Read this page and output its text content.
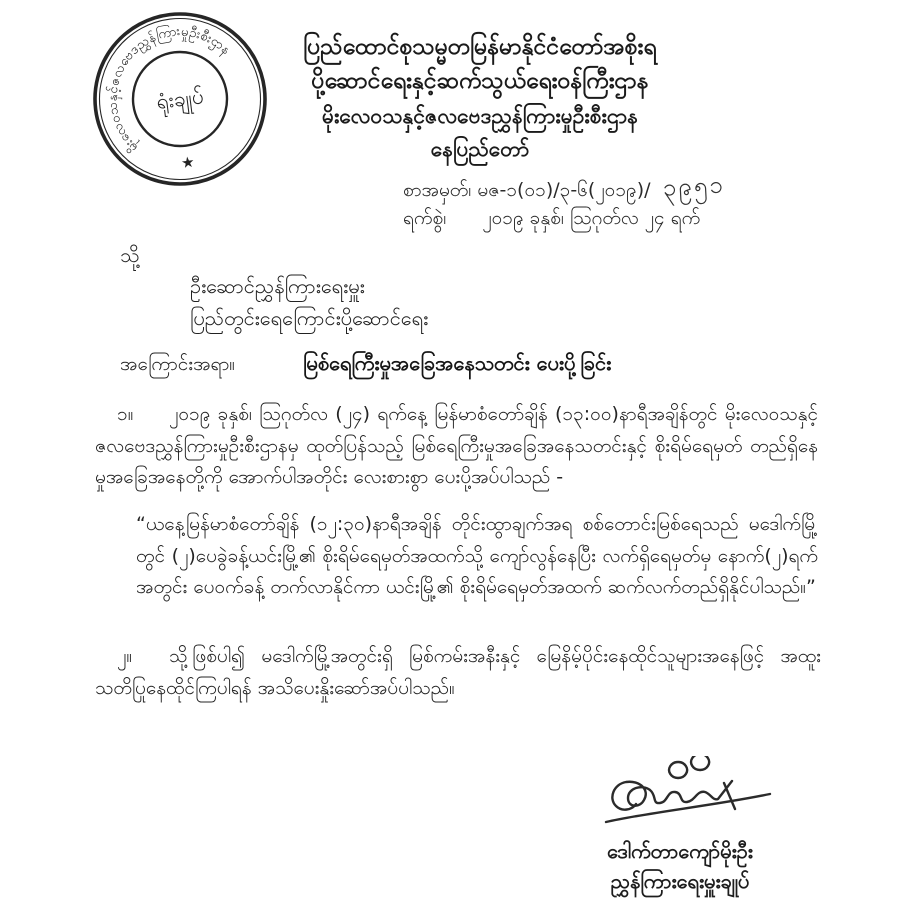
မိုးလေဝသနှင့်ဇလဗေဒညွှန်ကြားမှုဦးစီးဌာန
ရုံးချုပ်
★
ပြည်ထောင်စုသမ္မတမြန်မာနိုင်ငံတော်အစိုးရ
ပို့ဆောင်ရေးနှင့်ဆက်သွယ်ရေးဝန်ကြီးဌာန
မိုးလေဝသနှင့်ဇလဗေဒညွှန်ကြားမှုဦးစီးဌာန
နေပြည်တော်
စာအမှတ်၊ မဇ-၁(၀၁)/၃-၆(၂၀၁၉)/ ၃၉၅၁
ရက်စွဲ၊ ၂၀၁၉ ခုနှစ်၊ ဩဂုတ်လ ၂၄ ရက်
သို့
ဦးဆောင်ညွှန်ကြားရေးမှူး
ပြည်တွင်းရေကြောင်းပို့ဆောင်ရေး
အကြောင်းအရာ။	မြစ်ရေကြီးမှုအခြေအနေသတင်း ပေးပို့ခြင်း
၁။ ၂၀၁၉ ခုနှစ်၊ ဩဂုတ်လ (၂၄) ရက်နေ့ မြန်မာစံတော်ချိန် (၁၃:၀၀)နာရီအချိန်တွင် မိုးလေဝသနှင့် ဇလဗေဒညွှန်ကြားမှုဦးစီးဌာနမှ ထုတ်ပြန်သည့် မြစ်ရေကြီးမှုအခြေအနေသတင်းနှင့် စိုးရိမ်ရေမှတ် တည်ရှိနေမှုအခြေအနေတို့ကို အောက်ပါအတိုင်း လေးစားစွာ ပေးပို့အပ်ပါသည် -
“ယနေ့မြန်မာစံတော်ချိန် (၁၂:၃၀)နာရီအချိန် တိုင်းထွာချက်အရ စစ်တောင်းမြစ်ရေသည် မဒေါက်မြို့တွင် (၂)ပေခွဲခန့်ယင်းမြို့၏ စိုးရိမ်ရေမှတ်အထက်သို့ ကျော်လွန်နေပြီး လက်ရှိရေမှတ်မှ နောက်(၂)ရက်အတွင်း ပေဝက်ခန့် တက်လာနိုင်ကာ ယင်းမြို့၏ စိုးရိမ်ရေမှတ်အထက် ဆက်လက်တည်ရှိနိုင်ပါသည်။”
၂။ သို့ဖြစ်ပါ၍ မဒေါက်မြို့အတွင်းရှိ မြစ်ကမ်းအနီးနှင့် မြေနိမ့်ပိုင်းနေထိုင်သူများအနေဖြင့် အထူးသတိပြုနေထိုင်ကြပါရန် အသိပေးနှိုးဆော်အပ်ပါသည်။
ဒေါက်တာကျော်မိုးဦး
ညွှန်ကြားရေးမှူးချုပ်
